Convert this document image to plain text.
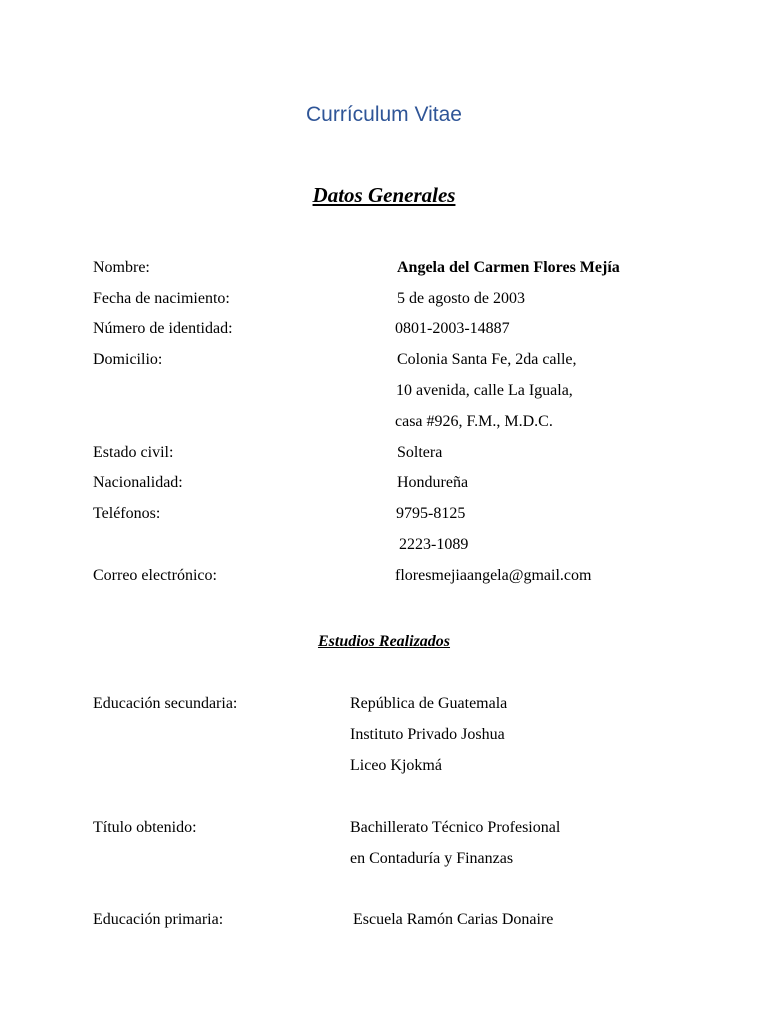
Currículum Vitae
Datos Generales
Nombre:	Angela del Carmen Flores Mejía
Fecha de nacimiento:	5 de agosto de 2003
Número de identidad:	0801-2003-14887
Domicilio:	Colonia Santa Fe, 2da calle,
10 avenida, calle La Iguala,
casa #926, F.M., M.D.C.
Estado civil:	Soltera
Nacionalidad:	Hondureña
Teléfonos:	9795-8125
2223-1089
Correo electrónico:	floresmejiaangela@gmail.com
Estudios Realizados
Educación secundaria:	República de Guatemala
Instituto Privado Joshua
Liceo Kjokmá
Título obtenido:	Bachillerato Técnico Profesional
en Contaduría y Finanzas
Educación primaria:	Escuela Ramón Carias Donaire
